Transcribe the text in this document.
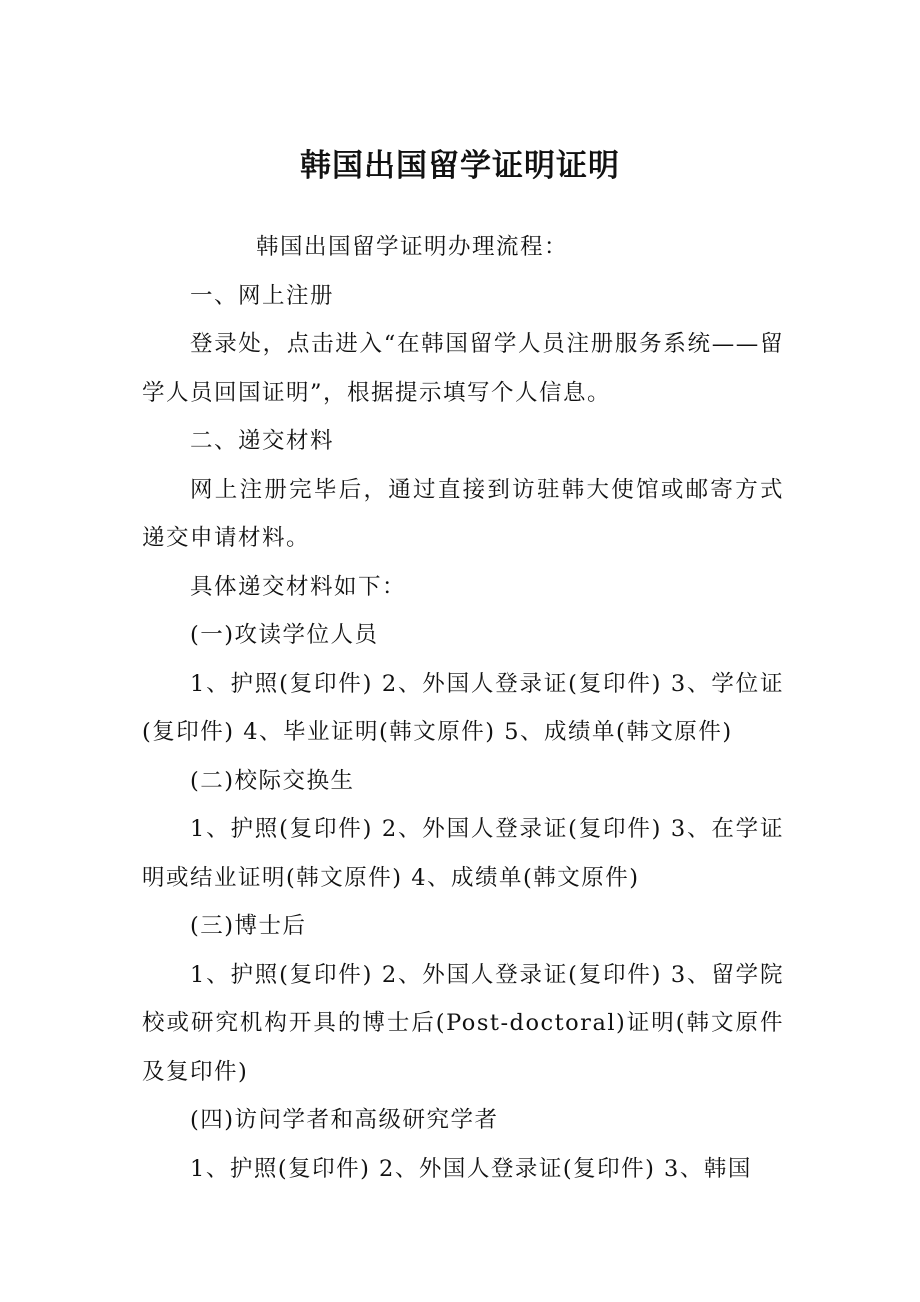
韩国出国留学证明证明

韩国出国留学证明办理流程：

一、网上注册

登录处，点击进入“在韩国留学人员注册服务系统——留学人员回国证明”，根据提示填写个人信息。

二、递交材料

网上注册完毕后，通过直接到访驻韩大使馆或邮寄方式递交申请材料。

具体递交材料如下：

(一)攻读学位人员

1、护照(复印件) 2、外国人登录证(复印件) 3、学位证(复印件) 4、毕业证明(韩文原件) 5、成绩单(韩文原件)

(二)校际交换生

1、护照(复印件) 2、外国人登录证(复印件) 3、在学证明或结业证明(韩文原件) 4、成绩单(韩文原件)

(三)博士后

1、护照(复印件) 2、外国人登录证(复印件) 3、留学院校或研究机构开具的博士后(Post-doctoral)证明(韩文原件及复印件)

(四)访问学者和高级研究学者

1、护照(复印件) 2、外国人登录证(复印件) 3、韩国
